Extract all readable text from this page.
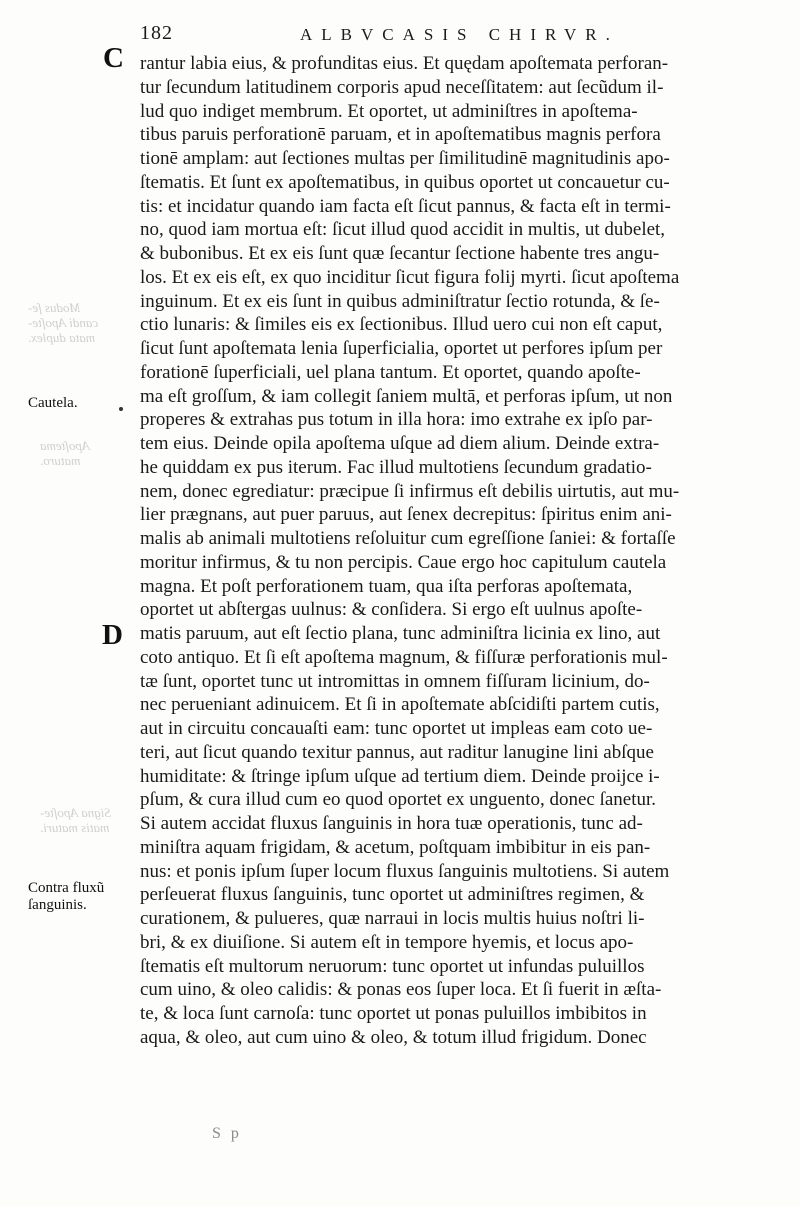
182	ALBVCASIS CHIRVR.
C
D
Modus ſe-
candi Apoſte-
mata duplex.
Apoſtema
maturo.
Signa Apoſte-
matis maturi.
Cautela.
Contra fluxũ
ſanguinis.
rantur labia eius, & profunditas eius. Et quędam apoſtemata perforan-
tur ſecundum latitudinem corporis apud neceſſitatem: aut ſecũdum il-
lud quo indiget membrum. Et oportet, ut adminiſtres in apoſtema-
tibus paruis perforationē paruam, et in apoſtematibus magnis perfora
tionē amplam: aut ſectiones multas per ſimilitudinē magnitudinis apo-
ſtematis. Et ſunt ex apoſtematibus, in quibus oportet ut concauetur cu-
tis: et incidatur quando iam facta eſt ſicut pannus, & facta eſt in termi-
no, quod iam mortua eſt: ſicut illud quod accidit in multis, ut dubelet,
& bubonibus. Et ex eis ſunt quæ ſecantur ſectione habente tres angu-
los. Et ex eis eſt, ex quo inciditur ſicut figura folij myrti. ſicut apoſtema
inguinum. Et ex eis ſunt in quibus adminiſtratur ſectio rotunda, & ſe-
ctio lunaris: & ſimiles eis ex ſectionibus. Illud uero cui non eſt caput,
ſicut ſunt apoſtemata lenia ſuperficialia, oportet ut perfores ipſum per
forationē ſuperficiali, uel plana tantum. Et oportet, quando apoſte-
ma eſt groſſum, & iam collegit ſaniem multā, et perforas ipſum, ut non
properes & extrahas pus totum in illa hora: imo extrahe ex ipſo par-
tem eius. Deinde opila apoſtema uſque ad diem alium. Deinde extra-
he quiddam ex pus iterum. Fac illud multotiens ſecundum gradatio-
nem, donec egrediatur: præcipue ſi infirmus eſt debilis uirtutis, aut mu-
lier prægnans, aut puer paruus, aut ſenex decrepitus: ſpiritus enim ani-
malis ab animali multotiens reſoluitur cum egreſſione ſaniei: & fortaſſe
moritur infirmus, & tu non percipis. Caue ergo hoc capitulum cautela
magna. Et poſt perforationem tuam, qua iſta perforas apoſtemata,
oportet ut abſtergas uulnus: & conſidera. Si ergo eſt uulnus apoſte-
matis paruum, aut eſt ſectio plana, tunc adminiſtra licinia ex lino, aut
coto antiquo. Et ſi eſt apoſtema magnum, & fiſſuræ perforationis mul-
tæ ſunt, oportet tunc ut intromittas in omnem fiſſuram licinium, do-
nec perueniant adinuicem. Et ſi in apoſtemate abſcidiſti partem cutis,
aut in circuitu concauaſti eam: tunc oportet ut impleas eam coto ue-
teri, aut ſicut quando texitur pannus, aut raditur lanugine lini abſque
humiditate: & ſtringe ipſum uſque ad tertium diem. Deinde proijce i-
pſum, & cura illud cum eo quod oportet ex unguento, donec ſanetur.
Si autem accidat fluxus ſanguinis in hora tuæ operationis, tunc ad-
miniſtra aquam frigidam, & acetum, poſtquam imbibitur in eis pan-
nus: et ponis ipſum ſuper locum fluxus ſanguinis multotiens. Si autem
perſeuerat fluxus ſanguinis, tunc oportet ut adminiſtres regimen, &
curationem, & pulueres, quæ narraui in locis multis huius noſtri li-
bri, & ex diuiſione. Si autem eſt in tempore hyemis, et locus apo-
ſtematis eſt multorum neruorum: tunc oportet ut infundas puluillos
cum uino, & oleo calidis: & ponas eos ſuper loca. Et ſi fuerit in æſta-
te, & loca ſunt carnoſa: tunc oportet ut ponas puluillos imbibitos in
aqua, & oleo, aut cum uino & oleo, & totum illud frigidum. Donec
S p
